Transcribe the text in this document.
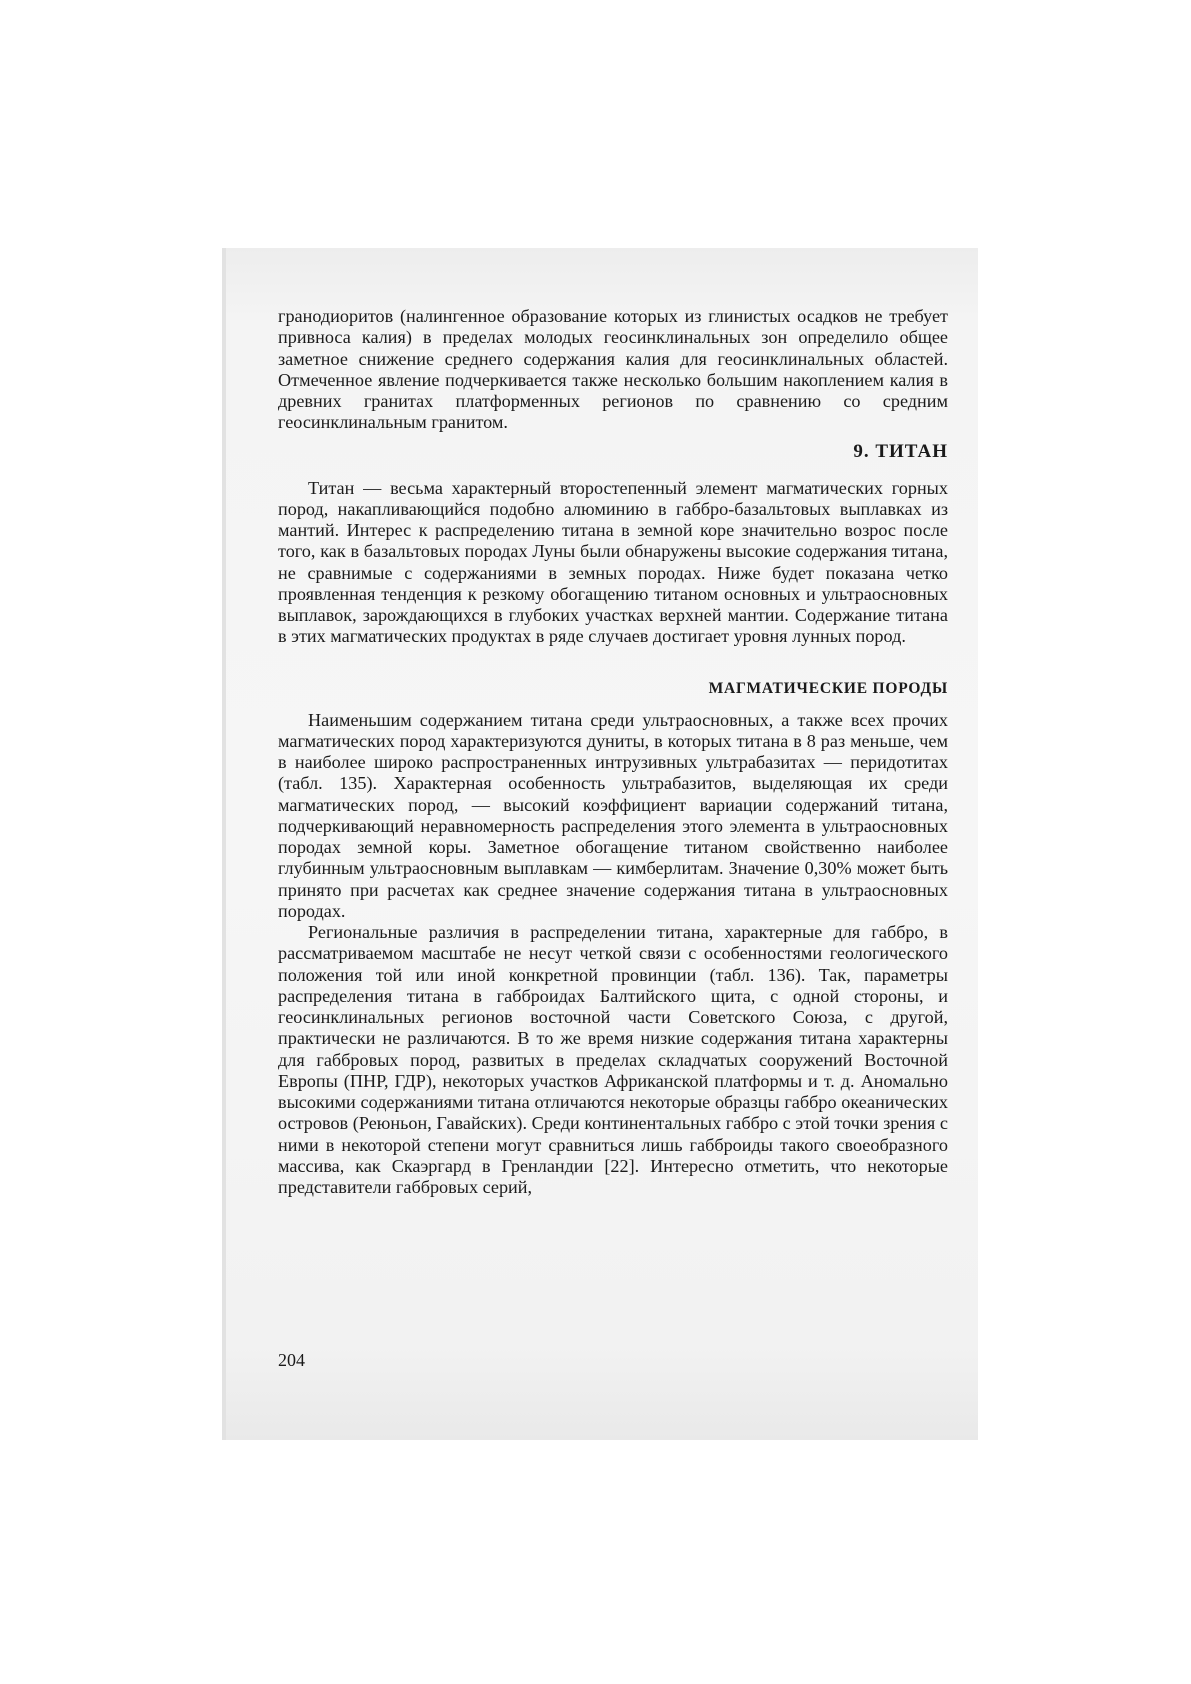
гранодиоритов (налингенное образование которых из глинистых осадков не требует привноса калия) в пределах молодых геосинклинальных зон определило общее заметное снижение среднего содержания калия для геосинклинальных областей. Отмеченное явление подчеркивается также несколько большим накоплением калия в древних гранитах платформенных регионов по сравнению со средним геосинклинальным гранитом.

9. ТИТАН

Титан — весьма характерный второстепенный элемент магматических горных пород, накапливающийся подобно алюминию в габбро-базальтовых выплавках из мантий. Интерес к распределению титана в земной коре значительно возрос после того, как в базальтовых породах Луны были обнаружены высокие содержания титана, не сравнимые с содержаниями в земных породах. Ниже будет показана четко проявленная тенденция к резкому обогащению титаном основных и ультраосновных выплавок, зарождающихся в глубоких участках верхней мантии. Содержание титана в этих магматических продуктах в ряде случаев достигает уровня лунных пород.

МАГМАТИЧЕСКИЕ ПОРОДЫ

Наименьшим содержанием титана среди ультраосновных, а также всех прочих магматических пород характеризуются дуниты, в которых титана в 8 раз меньше, чем в наиболее широко распространенных интрузивных ультрабазитах — перидотитах (табл. 135). Характерная особенность ультрабазитов, выделяющая их среди магматических пород, — высокий коэффициент вариации содержаний титана, подчеркивающий неравномерность распределения этого элемента в ультраосновных породах земной коры. Заметное обогащение титаном свойственно наиболее глубинным ультраосновным выплавкам — кимберлитам. Значение 0,30% может быть принято при расчетах как среднее значение содержания титана в ультраосновных породах.

Региональные различия в распределении титана, характерные для габбро, в рассматриваемом масштабе не несут четкой связи с особенностями геологического положения той или иной конкретной провинции (табл. 136). Так, параметры распределения титана в габброидах Балтийского щита, с одной стороны, и геосинклинальных регионов восточной части Советского Союза, с другой, практически не различаются. В то же время низкие содержания титана характерны для габбровых пород, развитых в пределах складчатых сооружений Восточной Европы (ПНР, ГДР), некоторых участков Африканской платформы и т. д. Аномально высокими содержаниями титана отличаются некоторые образцы габбро океанических островов (Реюньон, Гавайских). Среди континентальных габбро с этой точки зрения с ними в некоторой степени могут сравниться лишь габброиды такого своеобразного массива, как Скаэргард в Гренландии [22]. Интересно отметить, что некоторые представители габбровых серий,

204
